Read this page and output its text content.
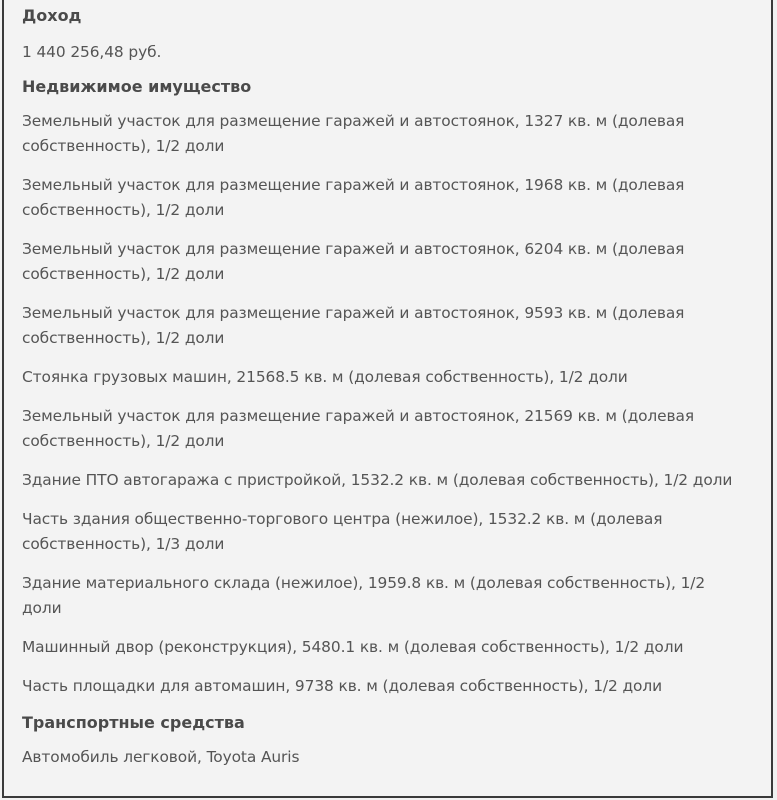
Доход
1 440 256,48 руб.
Недвижимое имущество
Земельный участок для размещение гаражей и автостоянок, 1327 кв. м (долевая
собственность), 1/2 доли
Земельный участок для размещение гаражей и автостоянок, 1968 кв. м (долевая
собственность), 1/2 доли
Земельный участок для размещение гаражей и автостоянок, 6204 кв. м (долевая
собственность), 1/2 доли
Земельный участок для размещение гаражей и автостоянок, 9593 кв. м (долевая
собственность), 1/2 доли
Стоянка грузовых машин, 21568.5 кв. м (долевая собственность), 1/2 доли
Земельный участок для размещение гаражей и автостоянок, 21569 кв. м (долевая
собственность), 1/2 доли
Здание ПТО автогаража с пристройкой, 1532.2 кв. м (долевая собственность), 1/2 доли
Часть здания общественно-торгового центра (нежилое), 1532.2 кв. м (долевая
собственность), 1/3 доли
Здание материального склада (нежилое), 1959.8 кв. м (долевая собственность), 1/2
доли
Машинный двор (реконструкция), 5480.1 кв. м (долевая собственность), 1/2 доли
Часть площадки для автомашин, 9738 кв. м (долевая собственность), 1/2 доли
Транспортные средства
Автомобиль легковой, Toyota Auris
